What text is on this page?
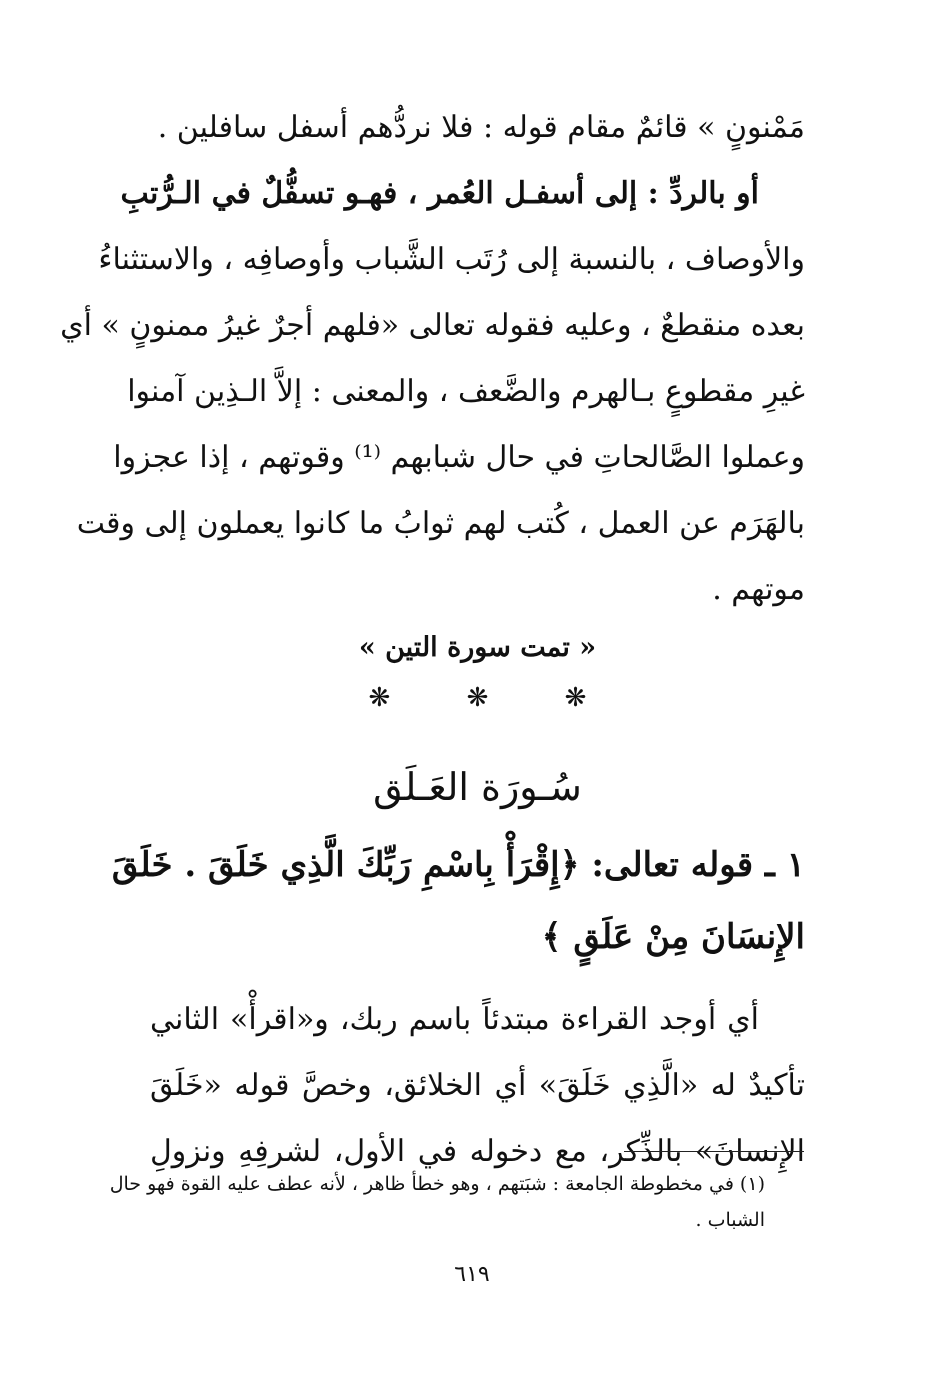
مَمْنونٍ » قائمٌ مقام قوله : فلا نردُّهم أسفل سافلين .
أو بالردِّ : إلى أسفـل العُمر ، فهـو تسفُّلٌ في الـرُّتبِ
والأوصاف ، بالنسبة إلى رُتَب الشَّباب وأوصافِه ، والاستثناءُ
بعده منقطعٌ ، وعليه فقوله تعالى «فلهم أجرٌ غيرُ ممنونٍ » أي
غيرِ مقطوعٍ بـالهرم والضَّعف ، والمعنى : إلاَّ الـذِين آمنوا
وعملوا الصَّالحاتِ في حال شبابهم ⁽¹⁾ وقوتهم ، إذا عجزوا
بالهَرَم عن العمل ، كُتب لهم ثوابُ ما كانوا يعملون إلى وقت
موتهم .
« تمت سورة التين »
❋ ❋ ❋
سُـورَة العَـلَق
١ ـ قوله تعالى: ﴿إِقْرَأْ بِاسْمِ رَبِّكَ الَّذِي خَلَقَ . خَلَقَ
الإِنسَانَ مِنْ عَلَقٍ ﴾
أي أوجد القراءة مبتدئاً باسم ربك، و«اقرأْ» الثاني
تأكيدٌ له «الَّذِي خَلَقَ» أي الخلائق، وخصَّ قوله «خَلَقَ
الإِنسانَ» بالذِّكر، مع دخوله في الأول، لشرفِهِ ونزولِ
(١) في مخطوطة الجامعة : شبَتهم ، وهو خطأ ظاهر ، لأنه عطف عليه القوة فهو حال
الشباب .
٦١٩
